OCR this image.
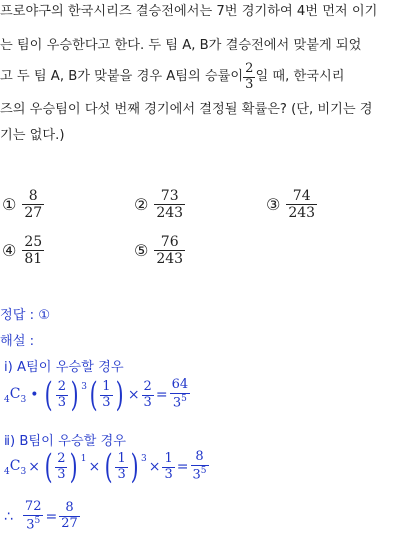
프로야구의 한국시리즈 결승전에서는 7번 경기하여 4번 먼저 이기
는 팀이 우승한다고 한다. 두 팀 A, B가 결승전에서 맞붙게 되었
고 두 팀 A, B가 맞붙을 경우 A팀의 승률이 $\frac{2}{3}$ 일 때, 한국시리
즈의 우승팀이 다섯 번째 경기에서 결정될 확률은? (단, 비기는 경
기는 없다.)
① $\frac{8}{27}$	② $\frac{73}{243}$	③ $\frac{74}{243}$
④ $\frac{25}{81}$	⑤ $\frac{76}{243}$
정답 : ①
해설 :
ⅰ) A팀이 우승할 경우
$_4C_3$ • ( $\frac{2}{3}$ ) $^3$ ( $\frac{1}{3}$ ) × $\frac{2}{3} = \frac{64}{3^5}$
ⅱ) B팀이 우승할 경우
$_4C_3$ × ( $\frac{2}{3}$ ) $^1$ × ( $\frac{1}{3}$ ) $^3 \times \frac{1}{3} = \frac{8}{3^5}$
∴ $\frac{72}{3^5} = \frac{8}{27}$
